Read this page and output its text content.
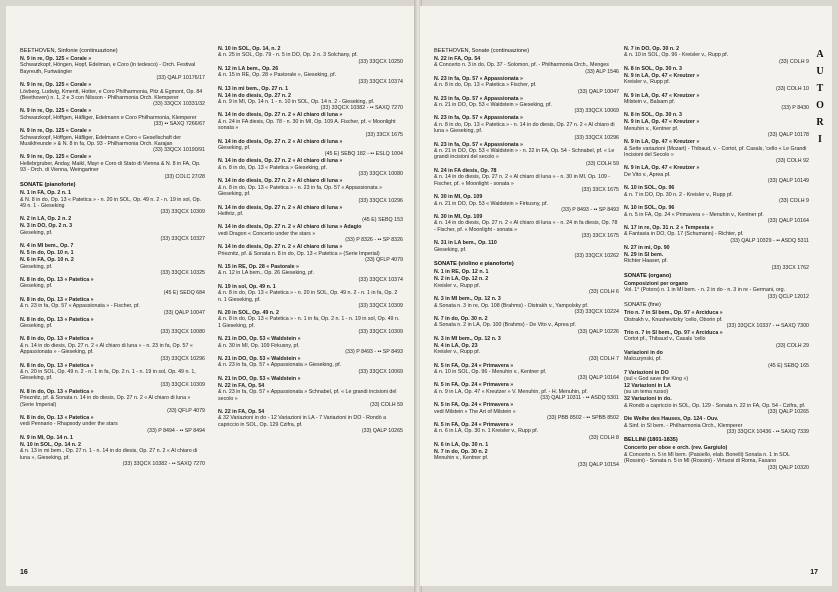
BEETHOVEN, Sinfonie (continuazione)
N. 9 in re, Op. 125 « Corale »
Schwarzkopf, Höngen, Hopf, Edelman, e Coro (in tedesco) - Orch. Festival Bayreuth, Furtwängler
(33) QALP 10176/17
N. 9 in re, Op. 125 « Corale »
Lövberg, Ludwig, Kmentt, Hotter, e Coro Philharmonia, Pitz & Egmont, Op. 84 (Beethoven) n. 1, 2 e 3 con Nilsson - Philharmonia Orch. Klemperer
(33) 33QCX 10331/32
N. 9 in re, Op. 125 « Corale »
Schwarzkopf, Höffgen, Häfliger, Edelmann e Coro Philharmonia, Klemperer
(33) •• SAXQ 7266/67
N. 9 in re, Op. 125 « Corale »
Schwarzkopf, Höffgen, Häfliger, Edelmann e Coro « Gesellschaft der Musikfreunde » & N. 8 in fa, Op. 93 - Philharmonia Orch. Karajan
(33) 33QCX 10190/91
N. 9 in re, Op. 125 « Corale »
Hellebrgruber, Anday, Maikl, Mayr e Coro di Stato di Vienna & N. 8 in FA, Op. 93 - Orch. di Vienna, Weingartner
(33) COLC 27/28
SONATE (pianoforte)
N. 1 in FA, Op. 2 n. 1
& N. 8 in do, Op. 13 « Patetica » - n. 20 in SOL, Op. 49 n. 2 - n. 19 in sol, Op. 49 n. 1 - Gieseking
(33) 33QCX 10309
N. 2 in LA, Op. 2 n. 2
N. 3 in DO, Op. 2 n. 3
Gieseking, pf.
(33) 33QCX 10327
N. 4 in MI bem., Op. 7
N. 5 in do, Op. 10 n. 1
N. 6 in FA, Op. 10 n. 2
Gieseking, pf.
(33) 33QCX 10325
N. 8 in do, Op. 13 « Patetica »
Gieseking, pf.
(45 E) SEDQ 684
N. 8 in do, Op. 13 « Patetica »
& n. 23 in fa, Op. 57 « Appassionata » - Fischer, pf.
(33) QALP 10047
N. 8 in do, Op. 13 « Patetica »
Gieseking, pf.
(33) 33QCX 10080
N. 8 in do, Op. 13 « Patetica »
& n. 14 in do diesis, Op. 27 n. 2 « Al chiaro di luna » - n. 23 in fa, Op. 57 « Appassionata » - Gieseking, pf.
(33) 33QCX 10296
N. 8 in do, Op. 13 « Patetica »
& n. 20 in SOL, Op. 49 n. 2 - n. 1 in fa, Op. 2 n. 1 - n. 19 in sol, Op. 49 n. 1, Gieseking, pf.
(33) 33QCX 10309
N. 8 in do, Op. 13 « Patetica »
Prieznitz, pf. & Sonata n. 14 in do diesis, Op. 27 n. 2 « Al chiaro di luna » (Serie Imperial)
(33) QFLP 4079
N. 8 in do, Op. 13 « Patetica »
vedi Pennario - Rhapsody under the stars
(33) P 8494 - •• SP 8494
N. 9 in MI, Op. 14 n. 1
N. 10 in SOL, Op. 14 n. 2
& n. 13 in mi bem., Op. 27 n. 1 - n. 14 in do diesis, Op. 27 n. 2 « Al chiaro di luna », Gieseking, pf.
(33) 33QCX 10382 - •• SAXQ 7270
N. 10 in SOL, Op. 14, n. 2
& n. 25 in SOL, Op. 79 - n. 5 in DO, Op. 2 n. 3 Solchany, pf.
(33) 33QCX 10250
N. 12 in LA bem., Op. 26
& n. 15 in RE, Op. 28 « Pastorale », Gieseking, pf.
(33) 33QCX 10374
N. 13 in mi bem., Op. 27 n. 1
N. 14 in do diesis, Op. 27 n. 2
& n. 9 in MI, Op. 14 n. 1 - n. 10 in SOL, Op. 14 n. 2 - Gieseking, pf.
(33) 33QCX 10382 - •• SAXQ 7270
N. 14 in do diesis, Op. 27 n. 2 « Al chiaro di luna »
& n. 24 in FA diesis, Op. 78 - n. 30 in MI, Op. 109 A. Fischer, pf. « Moonlight sonata »
(33) 33CX 1675
N. 14 in do diesis, Op. 27 n. 2 « Al chiaro di luna »
Gieseking, pf.
(45 E) SEBQ 182 - •• ESLQ 1004
N. 14 in do diesis, Op. 27 n. 2 « Al chiaro di luna »
& n. 8 in do, Op. 13 « Patetica » Gieseking, pf.
(33) 33QCX 10080
N. 14 in do diesis, Op. 27 n. 2 « Al chiaro di luna »
& n. 8 in do, Op. 13 « Patetica » - n. 23 in fa, Op. 57 « Appassionata » Gieseking, pf.
(33) 33QCX 10296
N. 14 in do diesis, Op. 27 n. 2 « Al chiaro di luna »
Heifetz, pf.
(45 E) SEBQ 153
N. 14 in do diesis, Op. 27 n. 2 « Al chiaro di luna » Adagio
vedi Dragon « Concerto under the stars »
(33) P 8326 - •• SP 8326
N. 14 in do diesis, Op. 27 n. 2 « Al chiaro di luna »
Prieznitz, pf. & Sonata n. 8 in do, Op. 13 « Patetica » (Serie Imperial)
(33) QFLP 4079
N. 15 in RE, Op. 28 « Pastorale »
& n. 12 in LA bem., Op. 26 Gieseking, pf.
(33) 33QCX 10374
N. 19 in sol, Op. 49 n. 1
& n. 8 in do, Op. 13 « Patetica » - n. 20 in SOL, Op. 49 n. 2 - n. 1 in fa, Op. 2 n. 1 Gieseking, pf.
(33) 33QCX 10309
N. 20 in SOL, Op. 49 n. 2
& n. 8 in do, Op. 13 « Patetica » - n. 1 in fa, Op. 2 n. 1 - n. 19 in sol, Op. 49 n. 1 Gieseking, pf.
(33) 33QCX 10309
N. 21 in DO, Op. 53 « Waldstein »
& n. 30 in MI, Op. 109 Firkusny, pf.
(33) P 8493 - •• SP 8493
N. 21 in DO, Op. 53 « Waldstein »
& n. 23 in fa, Op. 57 « Appassionata » Gieseking, pf.
(33) 33QCX 10069
N. 21 in DO, Op. 53 « Waldstein »
N. 22 in FA, Op. 54
& n. 23 in fa, Op. 57 « Appassionata » Schnabel, pf. « Le grandi incisioni del secolo »
(33) COLH 59
N. 22 in FA, Op. 54
& 32 Variazioni in do - 12 Variazioni in LA - 7 Variazioni in DO - Rondò a capriccio in SOL, Op. 129 Czifra, pf.
(33) QALP 10265
16
BEETHOVEN, Sonate (continuazione)
N. 22 in FA, Op. 54
& Concerto n. 3 in do, Op. 37 - Solomon, pf. - Philharmonia Orch., Menges
(33) ALP 1546
N. 23 in fa, Op. 57 « Appassionata »
& n. 8 in do, Op. 13 « Patetica » Fischer, pf.
(33) QALP 10047
N. 23 in fa, Op. 57 « Appassionata »
& n. 21 in DO, Op. 53 « Waldstein » Gieseking, pf.
(33) 33QCX 10069
N. 23 in fa, Op. 57 « Appassionata »
& n. 8 in do, Op. 13 « Patetica » - n. 14 in do diesis, Op. 27 n. 2 « Al chiaro di luna » Gieseking, pf.
(33) 33QCX 10296
N. 23 in fa, Op. 57 « Appassionata »
& n. 21 in DO, Op. 53 « Waldstein » - n. 22 in FA, Op. 54 - Schnabel, pf. « Le grandi incisioni del secolo »
(33) COLH 59
N. 24 in FA diesis, Op. 78
& n. 14 in do diesis, Op. 27 n. 2 « Al chiaro di luna » - n. 30 in MI, Op. 109 - Fischer, pf. « Moonlight - sonata »
(33) 33CX 1675
N. 30 in MI, Op. 109
& n. 21 in DO, Op. 53 « Waldstein » Firkusny, pf.
(33) P 8493 - •• SP 8493
N. 30 in MI, Op. 109
& n. 14 in do diesis, Op. 27 n. 2 « Al chiaro di luna » - n. 24 in fa diesis, Op. 78 - Fischer, pf. « Moonlight - sonata »
(33) 33CX 1675
N. 31 in LA bem., Op. 110
Gieseking, pf.
(33) 33QCX 10262
SONATE (violino e pianoforte)
N. 1 in RE, Op. 12 n. 1
N. 2 in LA, Op. 12 n. 2
Kreisler v., Rupp pf.
(33) COLH 6
N. 3 in MI bem., Op. 12 n. 3
& Sonata n. 3 in re, Op. 108 (Brahms) - Oistrakh v., Yampolsky pf.
(33) 33QCX 10224
N. 7 in do, Op. 30 n. 2
& Sonata n. 2 in LA, Op. 100 (Brahms) - De Vito v., Aprea pf.
(33) QALP 10226
N. 3 in MI bem., Op. 12 n. 3
N. 4 in LA, Op. 23
Kreisler v., Rupp pf.
(33) COLH 7
N. 5 in FA, Op. 24 « Primavera »
& n. 10 in SOL, Op. 96 - Menuhin v., Kentner pf.
(33) QALP 10164
N. 5 in FA, Op. 24 « Primavera »
& n. 9 in LA, Op. 47 « Kreutzer » V. Menuhin, pf. - H. Menuhin, pf.
(33) QALP 10311 - •• ASDQ 5301
N. 5 in FA, Op. 24 « Primavera »
vedi Milstein « The Art of Milstein »
(33) PBB 8502 - •• SPBB 8502
N. 5 in FA, Op. 24 « Primavera »
& n. 6 in LA, Op. 30 n. 1 Kreisler v., Rupp pf.
(33) COLH 8
N. 6 in LA, Op. 30 n. 1
N. 7 in do, Op. 30 n. 2
Menuhin v., Kentner pf.
(33) QALP 10154
N. 7 in DO, Op. 30 n. 2
& n. 10 in SOL, Op. 96 - Kreisler v., Rupp pf.
(33) COLH 9
N. 8 in SOL, Op. 30 n. 3
N. 9 in LA, Op. 47 « Kreutzer »
Kreisler v., Rupp pf.
(33) COLH 10
N. 9 in LA, Op. 47 « Kreutzer »
Milstein v., Balsam pf.
(33) P 8430
N. 8 in SOL, Op. 30 n. 3
N. 9 in LA, Op. 47 « Kreutzer »
Menuhin v., Kentner pf.
(33) QALP 10178
N. 9 in LA, Op. 47 « Kreutzer »
& Sette variazioni (Mozart) - Thibaud, v. - Cortot, pf. Casals, 'cello « Le Grandi Incisioni del Secolo »
(33) COLH 92
N. 9 in LA, Op. 47 « Kreutzer »
De Vito v., Aprea pf.
(33) QALP 10149
N. 10 in SOL, Op. 96
& n. 7 in DO, Op. 30 n. 2 - Kreisler v., Rupp pf.
(33) COLH 9
N. 10 in SOL, Op. 96
& n. 5 in FA, Op. 24 « Primavera » - Menuhin v., Kentner pf.
(33) QALP 10164
N. 17 in re, Op. 31 n. 2 « Tempesta »
& Fantasia in DO, Op. 17 (Schumann) - Richter, pf.
(33) QALP 10329 - •• ASDQ 5311
N. 27 in mi, Op. 90
N. 29 in SI bem.
Richter Haaser, pf.
(33) 33CX 1762
SONATE (organo)
Composizioni per organo
Vol. 1° (Potors) n. 1 in MI bem. - n. 2 in do - n. 3 in re - Germani, org.
(33) QCLP 12012
SONATE (fine)
Trio n. 7 in SI bem., Op. 97 « Arciduca »
Oistrakh v., Knushevitzky 'cello, Oborin pf.
(33) 33QCX 10337 - •• SAXQ 7300
Trio n. 7 in SI bem., Op. 97 « Arciduca »
Cortot pf., Thibaud v., Casals 'cello
(33) COLH 29
Variazioni in do
Malcuzynski, pf.
(45 E) SEBQ 165
7 Variazioni in DO
(sul « God save the King »)
12 Variazioni in LA
(su un tema russo)
32 Variazioni in do.
& Rondò a capriccio in SOL, Op. 129 - Sonata n. 22 in FA, Op. 54 - Czifra, pf.
(33) QALP 10265
Die Weihe des Hauses, Op. 124 - Ouv.
& Sinf. in SI bem. - Philharmonia Orch., Klemperer
(33) 33QCX 10436 - •• SAXQ 7339
BELLINI (1801-1835)
Concerto per oboe e orch. (rev. Gargiulo)
& Concerto n. 5 in MI bem. (Paisiello, elab. Bonelli) Sonata n. 1 in SOL (Rossini) - Sonata n. 5 in MI (Rossini) - Virtuosi di Roma, Fasano
(33) QALP 10320
A
U
T
O
R
I
17
